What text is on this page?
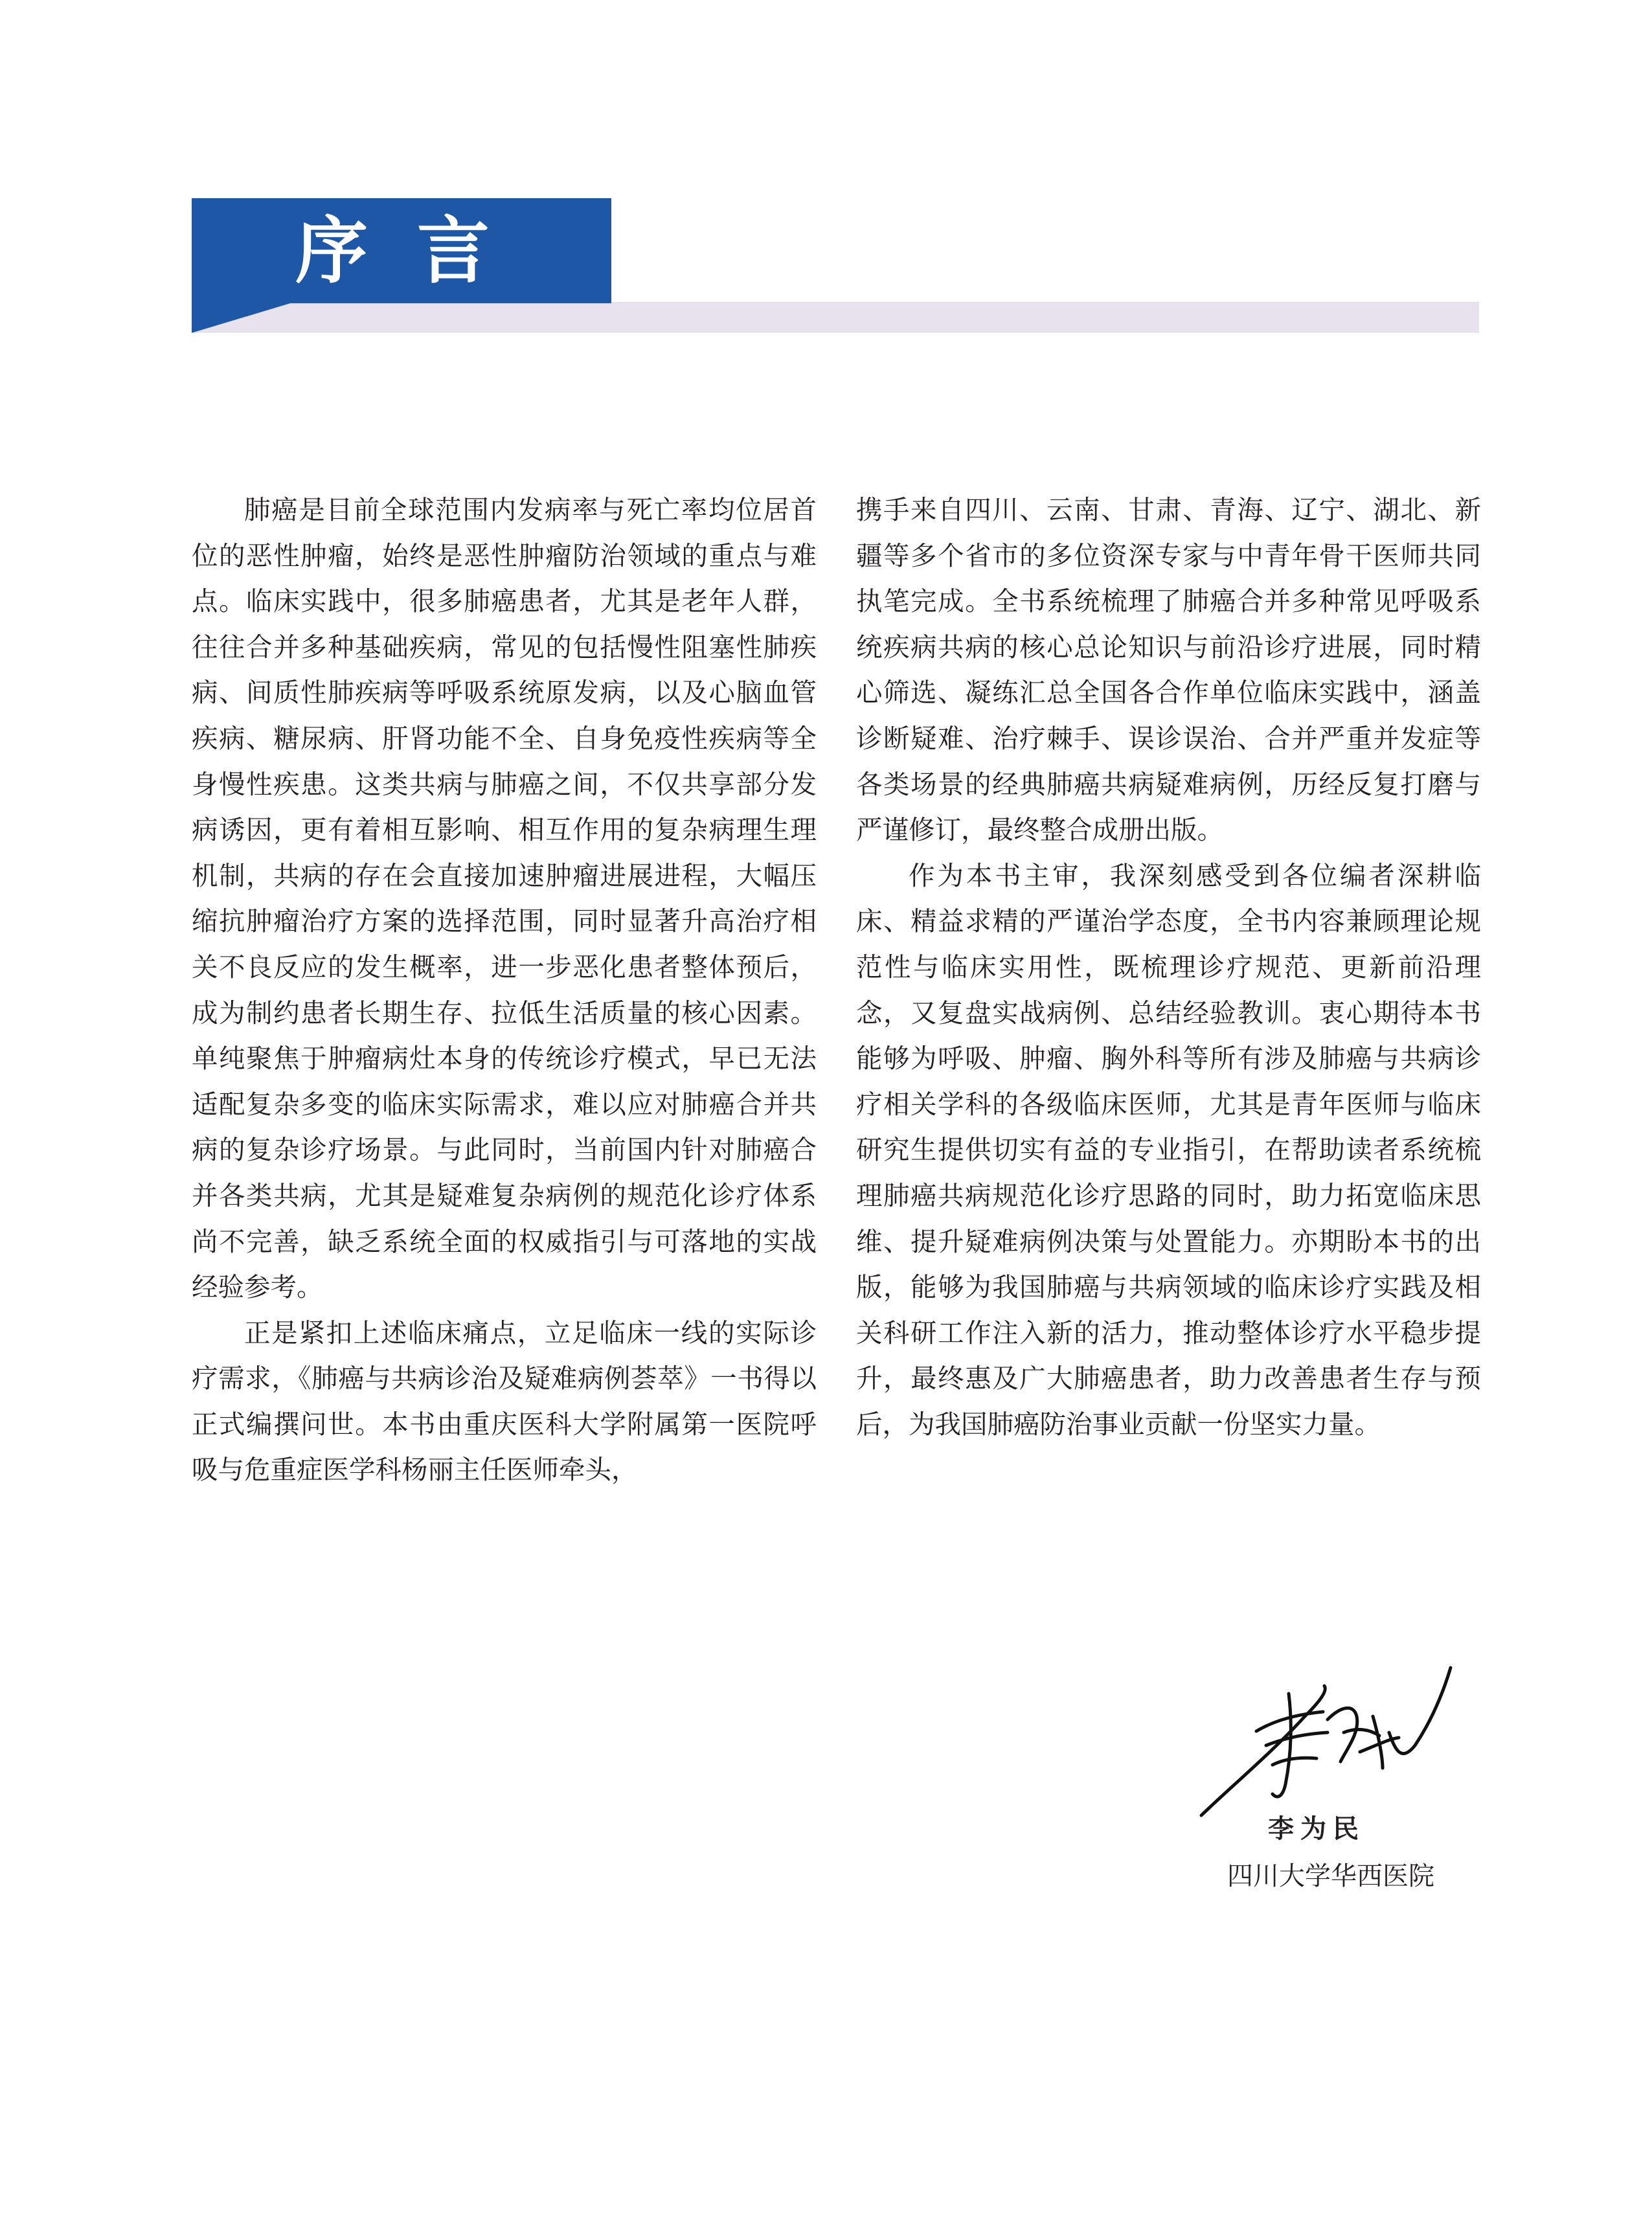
序言

肺癌是目前全球范围内发病率与死亡率均位居首位的恶性肿瘤，始终是恶性肿瘤防治领域的重点与难点。临床实践中，很多肺癌患者，尤其是老年人群，往往合并多种基础疾病，常见的包括慢性阻塞性肺疾病、间质性肺疾病等呼吸系统原发病，以及心脑血管疾病、糖尿病、肝肾功能不全、自身免疫性疾病等全身慢性疾患。这类共病与肺癌之间，不仅共享部分发病诱因，更有着相互影响、相互作用的复杂病理生理机制，共病的存在会直接加速肿瘤进展进程，大幅压缩抗肿瘤治疗方案的选择范围，同时显著升高治疗相关不良反应的发生概率，进一步恶化患者整体预后，成为制约患者长期生存、拉低生活质量的核心因素。单纯聚焦于肿瘤病灶本身的传统诊疗模式，早已无法适配复杂多变的临床实际需求，难以应对肺癌合并共病的复杂诊疗场景。与此同时，当前国内针对肺癌合并各类共病，尤其是疑难复杂病例的规范化诊疗体系尚不完善，缺乏系统全面的权威指引与可落地的实战经验参考。

正是紧扣上述临床痛点，立足临床一线的实际诊疗需求，《肺癌与共病诊治及疑难病例荟萃》一书得以正式编撰问世。本书由重庆医科大学附属第一医院呼吸与危重症医学科杨丽主任医师牵头，

携手来自四川、云南、甘肃、青海、辽宁、湖北、新疆等多个省市的多位资深专家与中青年骨干医师共同执笔完成。全书系统梳理了肺癌合并多种常见呼吸系统疾病共病的核心总论知识与前沿诊疗进展，同时精心筛选、凝练汇总全国各合作单位临床实践中，涵盖诊断疑难、治疗棘手、误诊误治、合并严重并发症等各类场景的经典肺癌共病疑难病例，历经反复打磨与严谨修订，最终整合成册出版。

作为本书主审，我深刻感受到各位编者深耕临床、精益求精的严谨治学态度，全书内容兼顾理论规范性与临床实用性，既梳理诊疗规范、更新前沿理念，又复盘实战病例、总结经验教训。衷心期待本书能够为呼吸、肿瘤、胸外科等所有涉及肺癌与共病诊疗相关学科的各级临床医师，尤其是青年医师与临床研究生提供切实有益的专业指引，在帮助读者系统梳理肺癌共病规范化诊疗思路的同时，助力拓宽临床思维、提升疑难病例决策与处置能力。亦期盼本书的出版，能够为我国肺癌与共病领域的临床诊疗实践及相关科研工作注入新的活力，推动整体诊疗水平稳步提升，最终惠及广大肺癌患者，助力改善患者生存与预后，为我国肺癌防治事业贡献一份坚实力量。

李为民
四川大学华西医院
